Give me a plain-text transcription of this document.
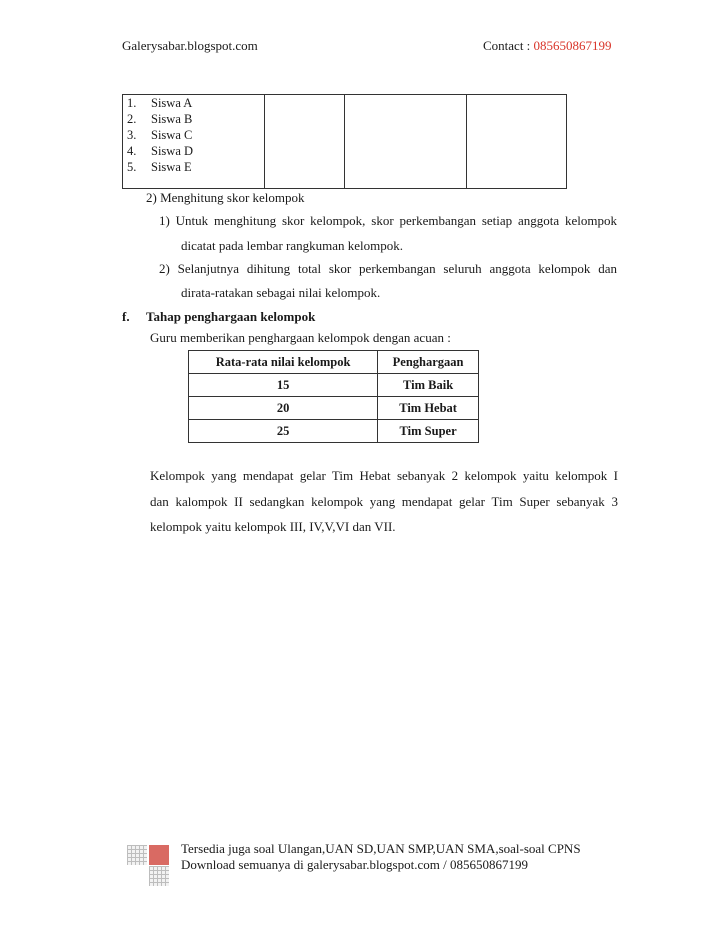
Galerysabar.blogspot.com	Contact : 085650867199
1. Siswa A
2. Siswa B
3. Siswa C
4. Siswa D
5. Siswa E
2) Menghitung skor kelompok
1) Untuk menghitung skor kelompok, skor perkembangan setiap anggota kelompok
dicatat pada lembar rangkuman kelompok.
2) Selanjutnya dihitung total skor perkembangan seluruh anggota kelompok dan
dirata-ratakan sebagai nilai kelompok.
f. Tahap penghargaan kelompok
Guru memberikan penghargaan kelompok dengan acuan :
Rata-rata nilai kelompok	Penghargaan
15	Tim Baik
20	Tim Hebat
25	Tim Super
Kelompok yang mendapat gelar Tim Hebat sebanyak 2 kelompok yaitu kelompok I
dan kalompok II sedangkan kelompok yang mendapat gelar Tim Super sebanyak 3
kelompok yaitu kelompok III, IV,V,VI dan VII.
Tersedia juga soal Ulangan,UAN SD,UAN SMP,UAN SMA,soal-soal CPNS
Download semuanya di galerysabar.blogspot.com / 085650867199
